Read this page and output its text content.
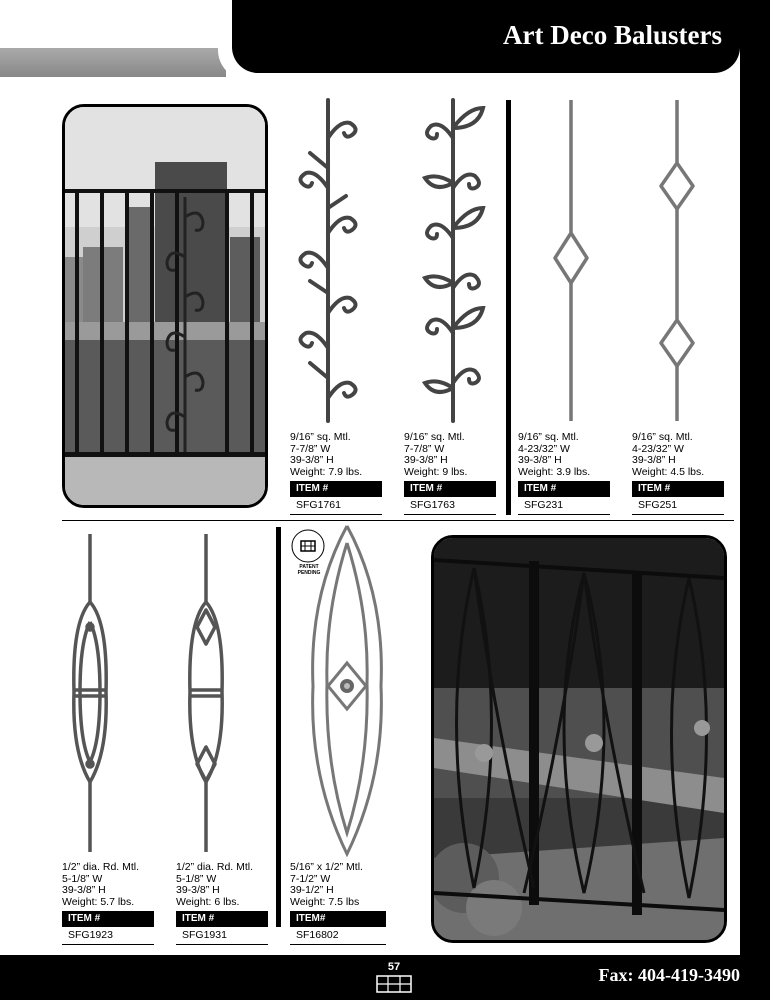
Art Deco Balusters
9/16” sq. Mtl.
7-7/8” W
39-3/8” H
Weight: 7.9 lbs.
ITEM #
SFG1761
9/16” sq. Mtl.
7-7/8” W
39-3/8” H
Weight: 9 lbs.
ITEM #
SFG1763
9/16” sq. Mtl.
4-23/32” W
39-3/8” H
Weight: 3.9 lbs.
ITEM #
SFG231
9/16” sq. Mtl.
4-23/32” W
39-3/8” H
Weight: 4.5 lbs.
ITEM #
SFG251
PATENT PENDING
1/2” dia. Rd. Mtl.
5-1/8” W
39-3/8” H
Weight: 5.7 lbs.
ITEM #
SFG1923
1/2” dia. Rd. Mtl.
5-1/8” W
39-3/8” H
Weight: 6 lbs.
ITEM #
SFG1931
5/16” x 1/2” Mtl.
7-1/2” W
39-1/2” H
Weight: 7.5 lbs
ITEM#
SF16802
57	Fax: 404-419-3490
